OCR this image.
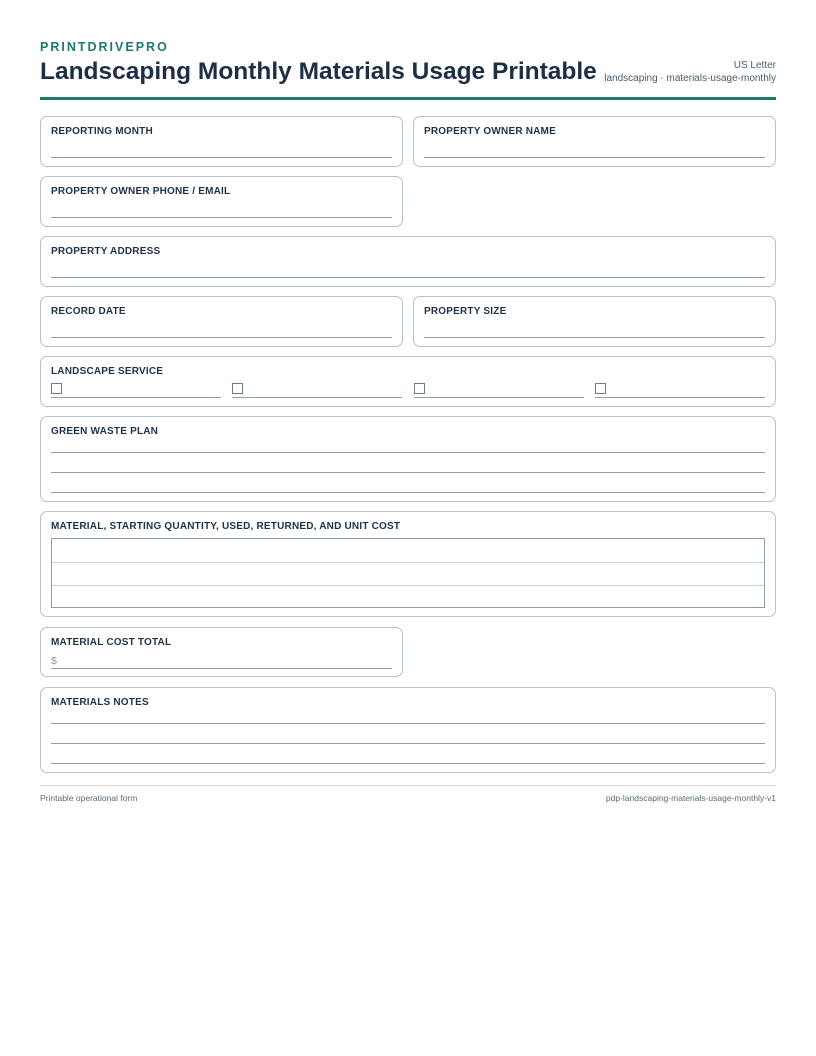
PRINTDRIVEPRO
Landscaping Monthly Materials Usage Printable	US Letter
landscaping · materials-usage-monthly
REPORTING MONTH	PROPERTY OWNER NAME
PROPERTY OWNER PHONE / EMAIL
PROPERTY ADDRESS
RECORD DATE	PROPERTY SIZE
LANDSCAPE SERVICE
GREEN WASTE PLAN
MATERIAL, STARTING QUANTITY, USED, RETURNED, AND UNIT COST
MATERIAL COST TOTAL
$
MATERIALS NOTES
Printable operational form	pdp-landscaping-materials-usage-monthly-v1
